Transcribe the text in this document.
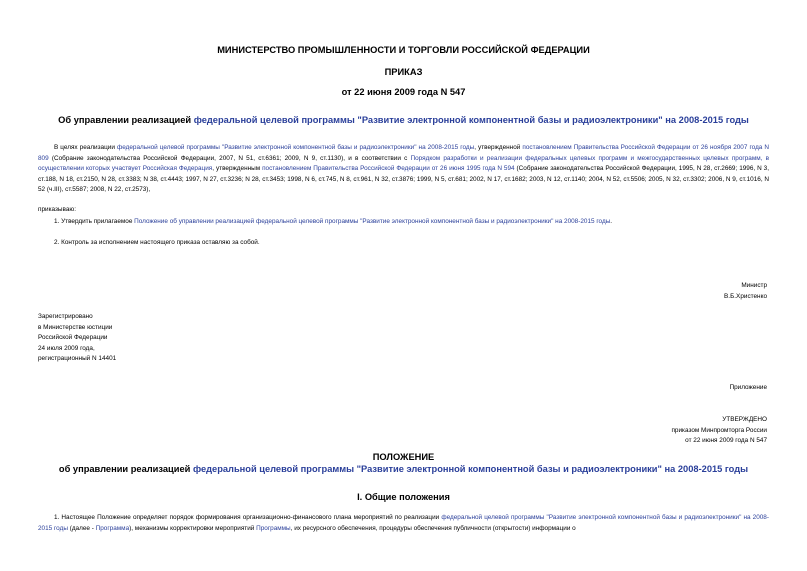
МИНИСТЕРСТВО ПРОМЫШЛЕННОСТИ И ТОРГОВЛИ РОССИЙСКОЙ ФЕДЕРАЦИИ
ПРИКАЗ
от 22 июня 2009 года N 547
Об управлении реализацией федеральной целевой программы "Развитие электронной компонентной базы и радиоэлектроники" на 2008-2015 годы
В целях реализации федеральной целевой программы "Развитие электронной компонентной базы и радиоэлектроники" на 2008-2015 годы, утвержденной постановлением Правительства Российской Федерации от 26 ноября 2007 года N 809 (Собрание законодательства Российской Федерации, 2007, N 51, ст.6361; 2009, N 9, ст.1130), и в соответствии с Порядком разработки и реализации федеральных целевых программ и межгосударственных целевых программ, в осуществлении которых участвует Российская Федерация, утвержденным постановлением Правительства Российской Федерации от 26 июня 1995 года N 594 (Собрание законодательства Российской Федерации, 1995, N 28, ст.2669; 1996, N 3, ст.188, N 18, ст.2150, N 28, ст.3383; N 38, ст.4443; 1997, N 27, ст.3236; N 28, ст.3453; 1998, N 6, ст.745, N 8, ст.961, N 32, ст.3876; 1999, N 5, ст.681; 2002, N 17, ст.1682; 2003, N 12, ст.1140; 2004, N 52, ст.5506; 2005, N 32, ст.3302; 2006, N 9, ст.1016, N 52 (ч.III), ст.5587; 2008, N 22, ст.2573),
приказываю:
1. Утвердить прилагаемое Положение об управлении реализацией федеральной целевой программы "Развитие электронной компонентной базы и радиоэлектроники" на 2008-2015 годы.
2. Контроль за исполнением настоящего приказа оставляю за собой.
Министр
В.Б.Христенко
Зарегистрировано
в Министерстве юстиции
Российской Федерации
24 июля 2009 года,
регистрационный N 14401
Приложение
УТВЕРЖДЕНО
приказом Минпромторга России
от 22 июня 2009 года N 547
ПОЛОЖЕНИЕ
об управлении реализацией федеральной целевой программы "Развитие электронной компонентной базы и радиоэлектроники" на 2008-2015 годы
I. Общие положения
1. Настоящее Положение определяет порядок формирования организационно-финансового плана мероприятий по реализации федеральной целевой программы "Развитие электронной компонентной базы и радиоэлектроники" на 2008-2015 годы (далее - Программа), механизмы корректировки мероприятий Программы, их ресурсного обеспечения, процедуры обеспечения публичности (открытости) информации о
